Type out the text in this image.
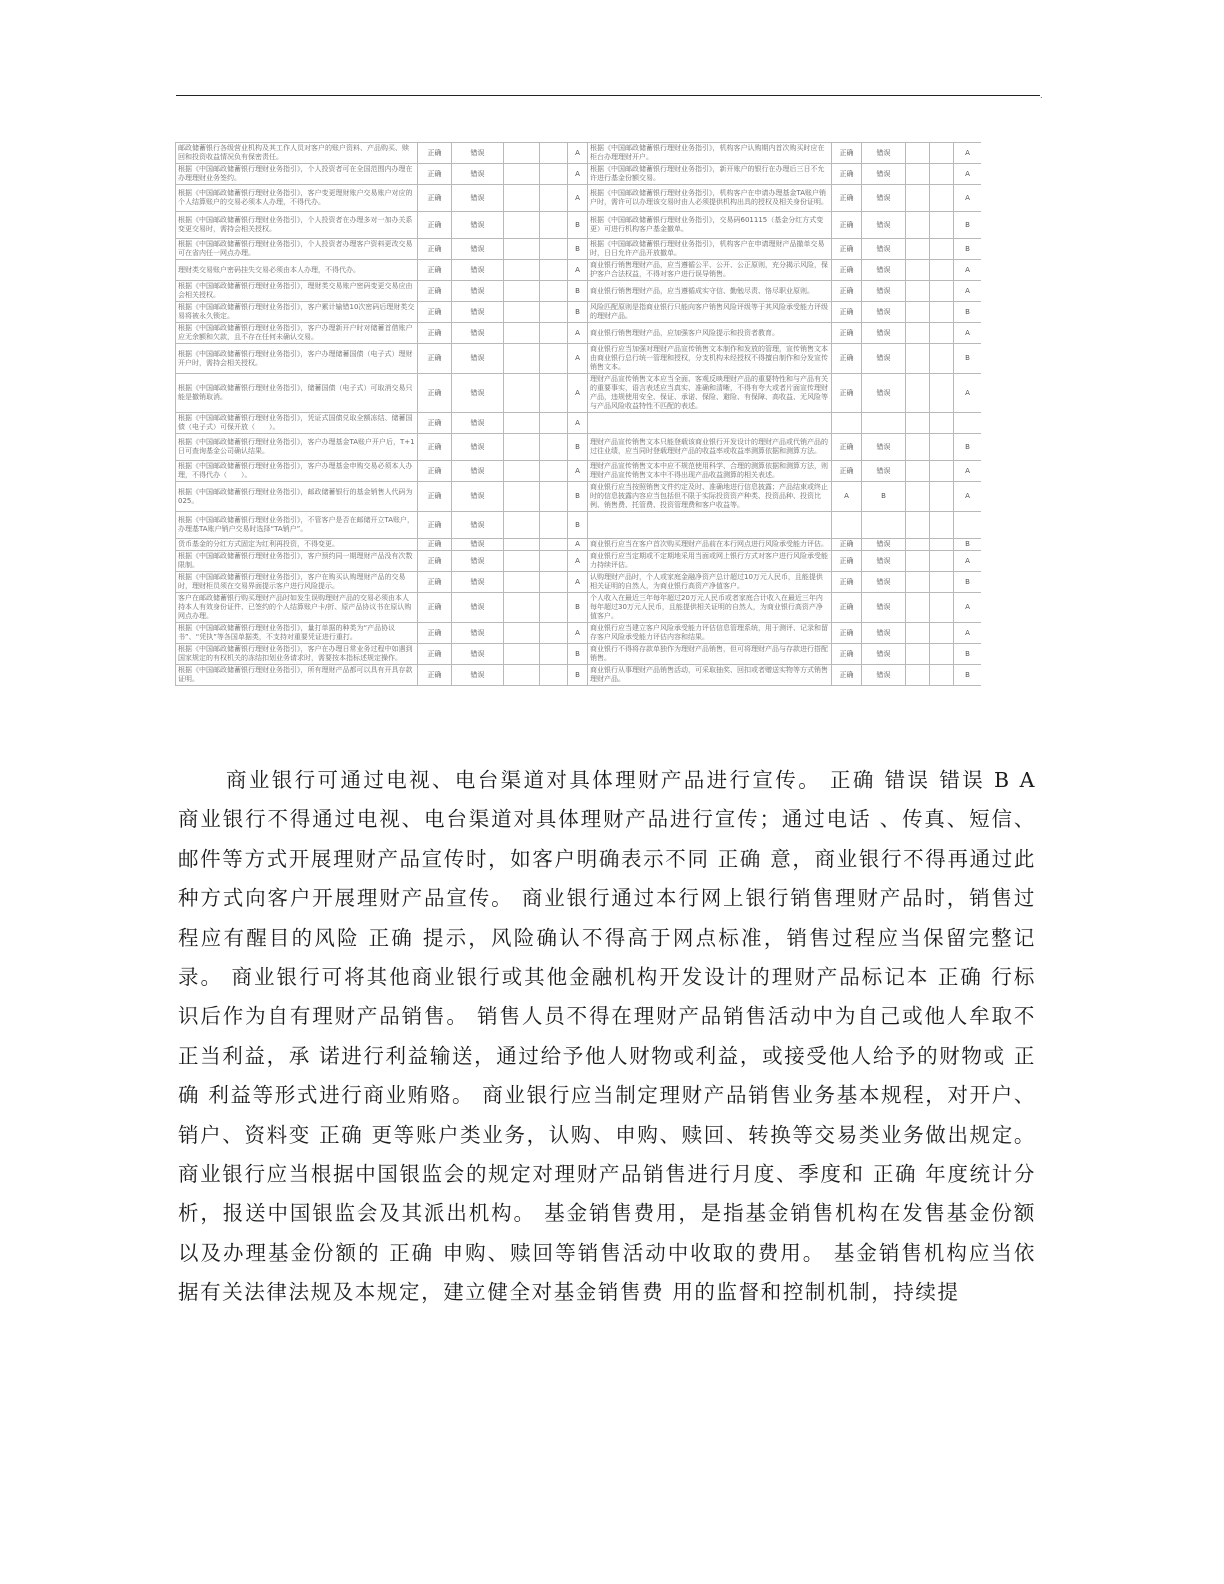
.
邮政储蓄银行各级营业机构及其工作人员对客户的账户资料、产品购买、赎回和投资收益情况负有保密责任。	正确	错误			A	根据《中国邮政储蓄银行理财业务指引》，机构客户认购期内首次购买时应在柜台办理理财开户。	正确	错误			A
根据《中国邮政储蓄银行理财业务指引》，个人投资者可在全国范围内办理在办理理财业务签约。	正确	错误			A	根据《中国邮政储蓄银行理财业务指引》，新开账户的银行在办理后三日不允许进行基金份额交易。	正确	错误			A
根据《中国邮政储蓄银行理财业务指引》，客户变更理财账户交易账户对应的个人结算账户的交易必须本人办理，不得代办。	正确	错误			A	根据《中国邮政储蓄银行理财业务指引》，机构客户在申请办理基金TA账户销户时，需许可以办理该交易时由人必须提供机构出具的授权及相关身份证明。	正确	错误			A
根据《中国邮政储蓄银行理财业务指引》，个人投资者在办理多对一加办关系变更交易时，需持会相关授权。	正确	错误			B	根据《中国邮政储蓄银行理财业务指引》，交易码601115（基金分红方式变更）可进行机构客户基金撤单。	正确	错误			B
根据《中国邮政储蓄银行理财业务指引》，个人投资者办理客户资料更改交易可在省内任一网点办理。	正确	错误			B	根据《中国邮政储蓄银行理财业务指引》，机构客户在申请理财产品撤单交易时，日日允许产品开放撤单。	正确	错误			B
理财类交易账户密码挂失交易必须由本人办理，不得代办。	正确	错误			A	商业银行销售理财产品，应当遵循公平、公开、公正原则，充分揭示风险，保护客户合法权益，不得对客户进行误导销售。	正确	错误			A
根据《中国邮政储蓄银行理财业务指引》，理财类交易账户密码变更交易应由会相关授权。	正确	错误			B	商业银行销售理财产品，应当遵循成实守信、勤勉尽责、恪尽职业原则。	正确	错误			A
根据《中国邮政储蓄银行理财业务指引》，客户累计输错10次密码后理财类交易将被永久锁定。	正确	错误			B	风险匹配原则是指商业银行只能向客户销售风险评级等于其风险承受能力评级的理财产品。	正确	错误			B
根据《中国邮政储蓄银行理财业务指引》，客户办理新开户时对储蓄首借账户应无余额和欠款，且不存在任何未确认交易。	正确	错误			A	商业银行销售理财产品，应加强客户风险提示和投资者教育。	正确	错误			A
根据《中国邮政储蓄银行理财业务指引》，客户办理储蓄国债（电子式）理财开户时，需持会相关授权。	正确	错误			A	商业银行应当加强对理财产品宣传销售文本制作和发放的管理，宣传销售文本由商业银行总行统一管理和授权，分支机构未经授权不得擅自制作和分发宣传销售文本。	正确	错误			B
根据《中国邮政储蓄银行理财业务指引》，储蓄国债（电子式）可取消交易只能是撤销取消。	正确	错误			A	理财产品宣传销售文本应当全面、客观反映理财产品的重要特性和与产品有关的重要事实，语言表述应当真实、准确和清晰，不得有夸大或者片面宣传理财产品，违规使用安全、保证、承诺、保险、避险、有保障、高收益、无风险等与产品风险收益特性不匹配的表述。	正确	错误			A
根据《中国邮政储蓄银行理财业务指引》，凭证式国债兑取全额冻结、储蓄国债（电子式）可保开放（　　）。	正确	错误			A						
根据《中国邮政储蓄银行理财业务指引》，客户办理基金TA账户开户后，T+1日可查询基金公司确认结果。	正确	错误			B	理财产品宣传销售文本只能登载该商业银行开发设计的理财产品或代销产品的过往业绩，应当同时登载理财产品的收益率或收益率测算依据和测算方法。	正确	错误			B
根据《中国邮政储蓄银行理财业务指引》，客户办理基金申购交易必须本人办理，不得代办（　　）。	正确	错误			A	理财产品宣传销售文本中应不规范使用科学、合理的测算依据和测算方法，则理财产品宣传销售文本中不得出现产品收益测算的相关表述。	正确	错误			A
根据《中国邮政储蓄银行理财业务指引》，邮政储蓄银行的基金销售人代码为025。	正确	错误			B	商业银行应当按照销售文件约定及时、准确地进行信息披露；产品结束或终止时的信息披露内容应当包括但不限于实际投资资产种类、投资品种、投资比例、销售费、托管费、投资管理费和客户收益等。	A	B			A
根据《中国邮政储蓄银行理财业务指引》，不管客户是否在邮储开立TA账户，办理基TA账户销户交易时选择“TA销户”。	正确	错误			B						
货币基金的分红方式固定为红利再投资，不得变更。	正确	错误			A	商业银行应当在客户首次购买理财产品前在本行网点进行风险承受能力评估。	正确	错误			B
根据《中国邮政储蓄银行理财业务指引》，客户预约同一期理财产品没有次数限制。	正确	错误			A	商业银行应当定期或不定期地采用当面或网上银行方式对客户进行风险承受能力持续评估。	正确	错误			A
根据《中国邮政储蓄银行理财业务指引》，客户在购买认购理财产品的交易时，理财柜员须在交易界面提示客户进行风险提示。	正确	错误			A	认购理财产品时，个人或家庭金融净资产总计超过10万元人民币，且能提供相关证明的自然人，为商业银行高资产净值客户。	正确	错误			B
客户在邮政储蓄银行购买理财产品时如发生误购理财产品的交易必须由本人持本人有效身份证件、已签约的个人结算账户卡/折、原产品协议书在原认购网点办理。	正确	错误			B	个人收入在最近三年每年超过20万元人民币或者家庭合计收入在最近三年内每年超过30万元人民币，且能提供相关证明的自然人，为商业银行高资产净值客户。	正确	错误			A
根据《中国邮政储蓄银行理财业务指引》，量打单据的种类为“产品协议书”、“凭执”等各国单据类，不支持对重要凭证进行重打。	正确	错误			A	商业银行应当建立客户风险承受能力评估信息管理系统，用于测评、记录和留存客户风险承受能力评估内容和结果。	正确	错误			A
根据《中国邮政储蓄银行理财业务指引》，客户在办理日常业务过程中如遇到国家规定的有权机关的冻结扣划业务请求时，需要按本指标述规定操作。	正确	错误			B	商业银行不得将存款单独作为理财产品销售，但可将理财产品与存款进行搭配销售。	正确	错误			B
根据《中国邮政储蓄银行理财业务指引》，所有理财产品都可以具有开具存款证明。	正确	错误			B	商业银行从事理财产品销售活动，可采取抽奖、回扣或者赠送实物等方式销售理财产品。	正确	错误			B
商业银行可通过电视、电台渠道对具体理财产品进行宣传。 正确 错误 错误 B A 商业银行不得通过电视、电台渠道对具体理财产品进行宣传；通过电话 、传真、短信、邮件等方式开展理财产品宣传时，如客户明确表示不同 正确 意，商业银行不得再通过此种方式向客户开展理财产品宣传。 商业银行通过本行网上银行销售理财产品时，销售过程应有醒目的风险 正确 提示，风险确认不得高于网点标准，销售过程应当保留完整记录。 商业银行可将其他商业银行或其他金融机构开发设计的理财产品标记本 正确 行标识后作为自有理财产品销售。 销售人员不得在理财产品销售活动中为自己或他人牟取不正当利益，承 诺进行利益输送，通过给予他人财物或利益，或接受他人给予的财物或 正确 利益等形式进行商业贿赂。 商业银行应当制定理财产品销售业务基本规程，对开户、销户、资料变 正确 更等账户类业务，认购、申购、赎回、转换等交易类业务做出规定。 商业银行应当根据中国银监会的规定对理财产品销售进行月度、季度和 正确 年度统计分析，报送中国银监会及其派出机构。 基金销售费用，是指基金销售机构在发售基金份额以及办理基金份额的 正确 申购、赎回等销售活动中收取的费用。 基金销售机构应当依据有关法律法规及本规定，建立健全对基金销售费 用的监督和控制机制，持续提
